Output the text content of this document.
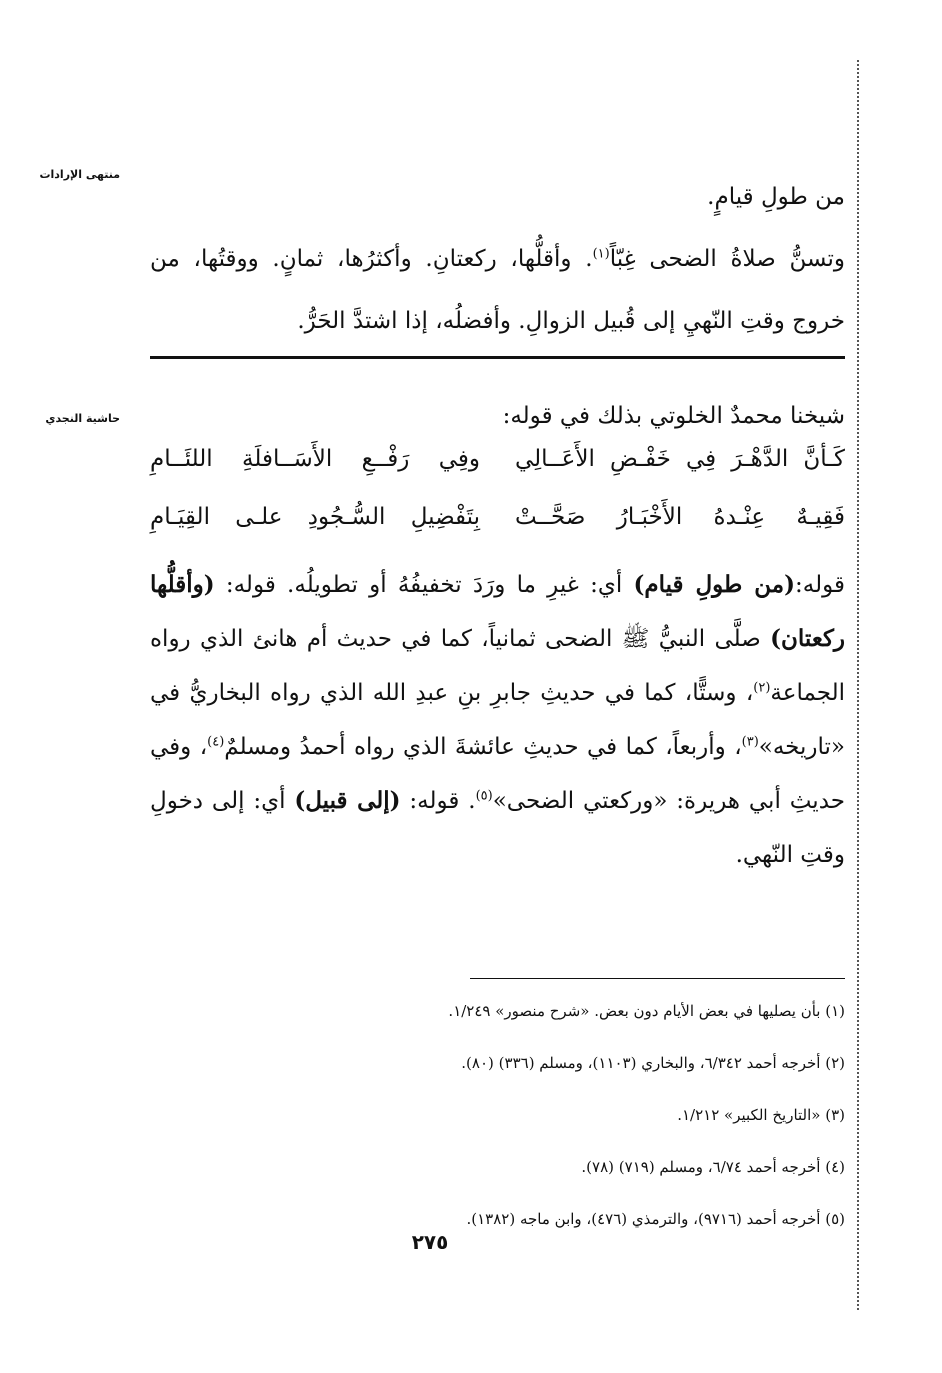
منتهى الإرادات
حاشية النجدي

من طولِ قيامٍ.

وتسنُّ صلاةُ الضحى غِبّاً$^{(١)}$. وأقلُّها، ركعتانِ. وأكثرُها، ثمانٍ. ووقتُها، من خروج وقتِ النّهيِ إلى قُبيل الزوالِ. وأفضلُه، إذا اشتدَّ الحَرُّ.

شيخنا محمدٌ الخلوتي بذلك في قوله:
كَـأنَّ الدَّهْـرَ فِي خَفْـضِ الأَعَــالِي
وفِي رَفْــعِ الأَسَــافلَةِ اللئَــامِ
فَقِيـهٌ عِنْـدهُ الأَخْبَـارُ صَحَّــتْ
بِتَفْضِيلِ السُّـجُودِ علـى القِيَـامِ

قوله:(من طولِ قيام) أي: غيرِ ما ورَدَ تخفيفُهُ أو تطويلُه. قوله: (وأقلُّها ركعتان) صلَّى النبيُّ ﷺ الضحى ثمانياً، كما في حديث أم هانئ الذي رواه الجماعة$^{(٢)}$، وستًّا، كما في حديثِ جابرِ بنِ عبدِ الله الذي رواه البخاريُّ في «تاريخه»$^{(٣)}$، وأربعاً، كما في حديثِ عائشةَ الذي رواه أحمدُ ومسلمٌ$^{(٤)}$، وفي حديثِ أبي هريرة: «وركعتي الضحى»$^{(٥)}$. قوله: (إلى قبيل) أي: إلى دخولِ وقتِ النّهي.

(١) بأن يصليها في بعض الأيام دون بعض. «شرح منصور» ١/٢٤٩.

(٢) أخرجه أحمد ٦/٣٤٢، والبخاري (١١٠٣)، ومسلم (٣٣٦) (٨٠).

(٣) «التاريخ الكبير» ١/٢١٢.

(٤) أخرجه أحمد ٦/٧٤، ومسلم (٧١٩) (٧٨).

(٥) أخرجه أحمد (٩٧١٦)، والترمذي (٤٧٦)، وابن ماجه (١٣٨٢).

٢٧٥
